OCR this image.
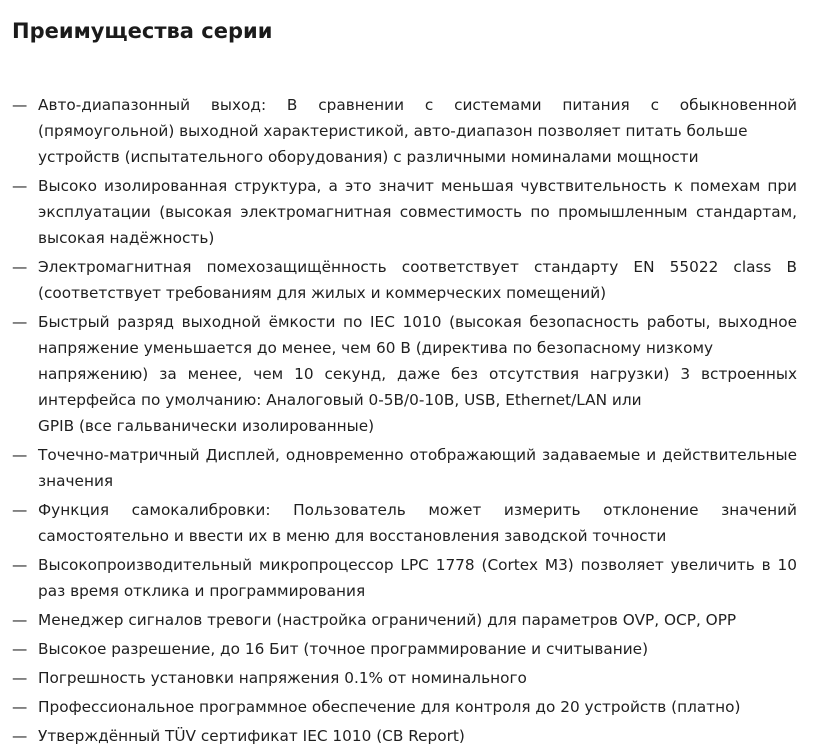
Преимущества серии
— Авто-диапазонный выход: В сравнении с системами питания с обыкновенной (прямоугольной) выходной характеристикой, авто-диапазон позволяет питать больше
устройств (испытательного оборудования) с различными номиналами мощности
— Высоко изолированная структура, а это значит меньшая чувствительность к помехам при эксплуатации (высокая электромагнитная совместимость по промышленным стандартам, высокая надёжность)
— Электромагнитная помехозащищённость соответствует стандарту EN 55022 class B (соответствует требованиям для жилых и коммерческих помещений)
— Быстрый разряд выходной ёмкости по IEC 1010 (высокая безопасность работы, выходное напряжение уменьшается до менее, чем 60 В (директива по безопасному низкому
напряжению) за менее, чем 10 секунд, даже без отсутствия нагрузки) 3 встроенных интерфейса по умолчанию: Аналоговый 0-5В/0-10В, USB, Ethernet/LAN или
GPIB (все гальванически изолированные)
— Точечно-матричный Дисплей, одновременно отображающий задаваемые и действительные значения
— Функция самокалибровки: Пользователь может измерить отклонение значений самостоятельно и ввести их в меню для восстановления заводской точности
— Высокопроизводительный микропроцессор LPC 1778 (Cortex M3) позволяет увеличить в 10 раз время отклика и программирования
— Менеджер сигналов тревоги (настройка ограничений) для параметров OVP, OCP, OPP
— Высокое разрешение, до 16 Бит (точное программирование и считывание)
— Погрешность установки напряжения 0.1% от номинального
— Профессиональное программное обеспечение для контроля до 20 устройств (платно)
— Утверждённый TÜV сертификат IEC 1010 (CB Report)
